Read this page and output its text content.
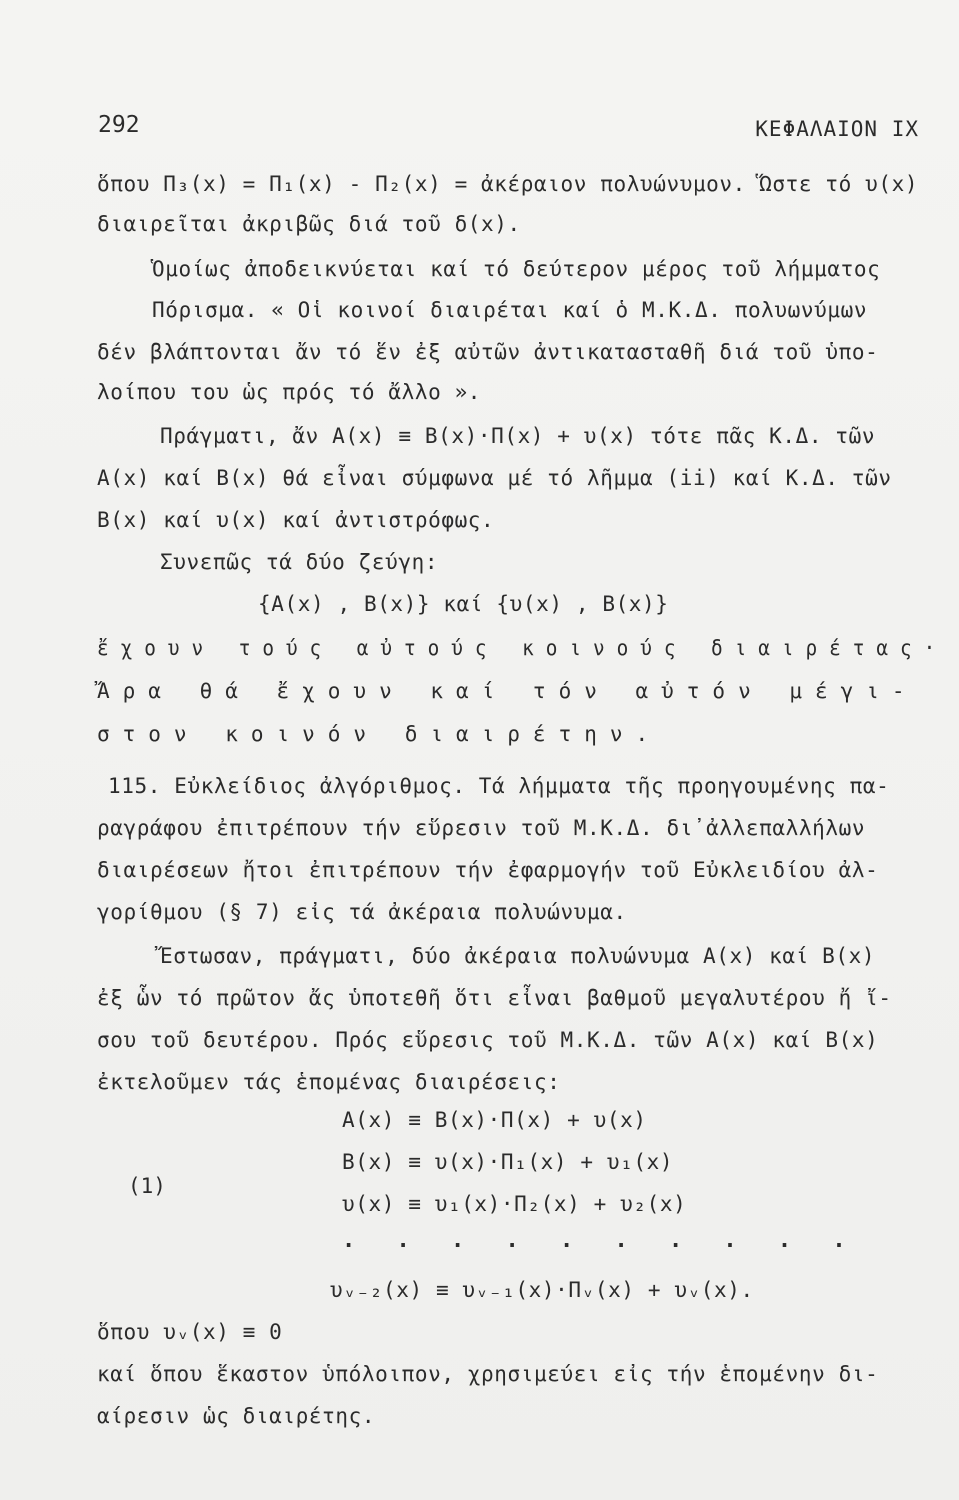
292	ΚΕΦΑΛΑΙΟΝ ΙΧ
ὅπου Π₃(x) = Π₁(x) - Π₂(x) = ἀκέραιον πολυώνυμον. Ὥστε τό υ(x)
διαιρεῖται ἀκριβῶς διά τοῦ δ(x).
Ὁμοίως ἀποδεικνύεται καί τό δεύτερον μέρος τοῦ λήμματος
Πόρισμα. « Οἱ κοινοί διαιρέται καί ὁ Μ.Κ.Δ. πολυωνύμων
δέν βλάπτονται ἄν τό ἕν ἐξ αὐτῶν ἀντικατασταθῆ διά τοῦ ὑπο-
λοίπου του ὡς πρός τό ἄλλο ».
Πράγματι, ἄν A(x) ≡ B(x)·Π(x) + υ(x) τότε πᾶς Κ.Δ. τῶν
A(x) καί B(x) θά εἶναι σύμφωνα μέ τό λῆμμα (ii) καί Κ.Δ. τῶν
B(x) καί υ(x) καί ἀντιστρόφως.
Συνεπῶς τά δύο ζεύγη:
{A(x) , B(x)} καί {υ(x) , B(x)}
ἔχουν τούς αὐτούς κοινούς διαιρέτας·
Ἄρα θά ἔχουν καί τόν αὐτόν μέγι-
στον κοινόν διαιρέτην.
115. Εὐκλείδιος ἀλγόριθμος. Τά λήμματα τῆς προηγουμένης πα-
ραγράφου ἐπιτρέπουν τήν εὕρεσιν τοῦ Μ.Κ.Δ. δι᾽ἀλλεπαλλήλων
διαιρέσεων ἤτοι ἐπιτρέπουν τήν ἐφαρμογήν τοῦ Εὐκλειδίου ἀλ-
γορίθμου (§ 7) εἰς τά ἀκέραια πολυώνυμα.
Ἔστωσαν, πράγματι, δύο ἀκέραια πολυώνυμα A(x) καί B(x)
ἐξ ὧν τό πρῶτον ἄς ὑποτεθῆ ὅτι εἶναι βαθμοῦ μεγαλυτέρου ἤ ἴ-
σου τοῦ δευτέρου. Πρός εὕρεσις τοῦ Μ.Κ.Δ. τῶν A(x) καί B(x)
ἐκτελοῦμεν τάς ἑπομένας διαιρέσεις:
(1)
A(x) ≡ B(x)·Π(x) + υ(x)
B(x) ≡ υ(x)·Π₁(x) + υ₁(x)
υ(x) ≡ υ₁(x)·Π₂(x) + υ₂(x)
· · · · · · · · · ·
υᵥ₋₂(x) ≡ υᵥ₋₁(x)·Πᵥ(x) + υᵥ(x).
ὅπου υᵥ(x) ≡ 0
καί ὅπου ἕκαστον ὑπόλοιπον, χρησιμεύει εἰς τήν ἑπομένην δι-
αίρεσιν ὡς διαιρέτης.
